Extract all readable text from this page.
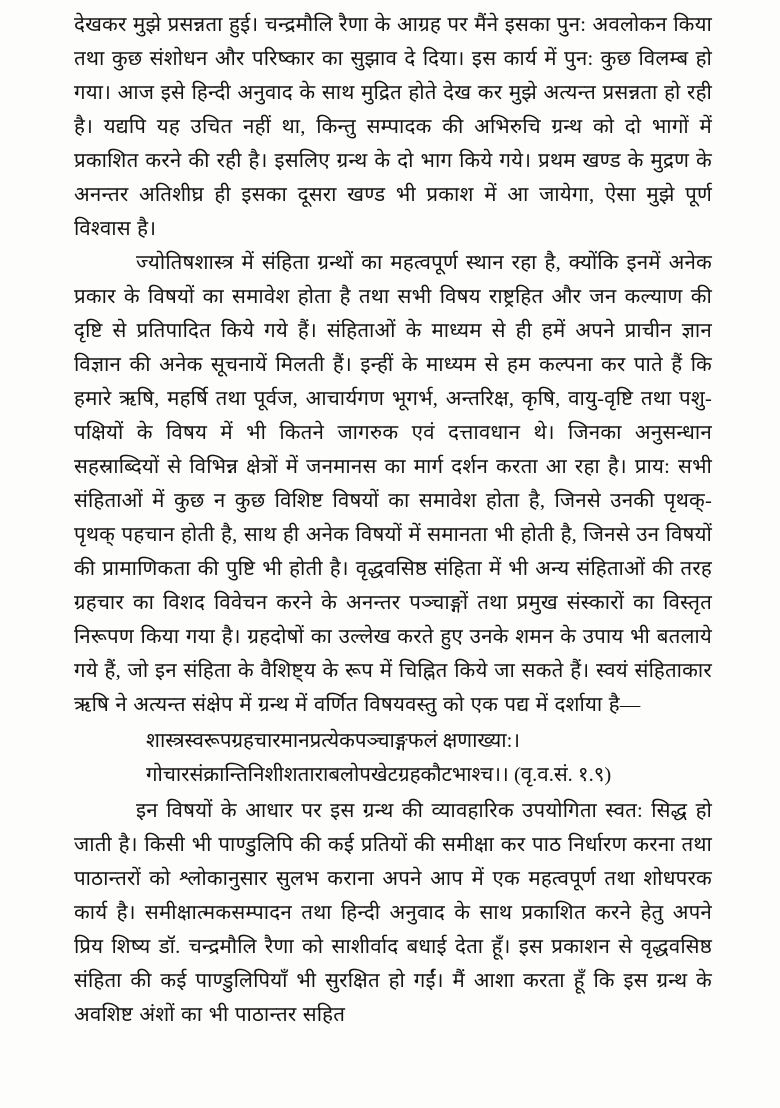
देखकर मुझे प्रसन्नता हुई। चन्द्रमौलि रैणा के आग्रह पर मैंने इसका पुन: अवलोकन किया तथा कुछ संशोधन और परिष्कार का सुझाव दे दिया। इस कार्य में पुन: कुछ विलम्ब हो गया। आज इसे हिन्दी अनुवाद के साथ मुद्रित होते देख कर मुझे अत्यन्त प्रसन्नता हो रही है। यद्यपि यह उचित नहीं था, किन्तु सम्पादक की अभिरुचि ग्रन्थ को दो भागों में प्रकाशित करने की रही है। इसलिए ग्रन्थ के दो भाग किये गये। प्रथम खण्ड के मुद्रण के अनन्तर अतिशीघ्र ही इसका दूसरा खण्ड भी प्रकाश में आ जायेगा, ऐसा मुझे पूर्ण विश्वास है।

ज्योतिषशास्त्र में संहिता ग्रन्थों का महत्वपूर्ण स्थान रहा है, क्योंकि इनमें अनेक प्रकार के विषयों का समावेश होता है तथा सभी विषय राष्ट्रहित और जन कल्याण की दृष्टि से प्रतिपादित किये गये हैं। संहिताओं के माध्यम से ही हमें अपने प्राचीन ज्ञान विज्ञान की अनेक सूचनायें मिलती हैं। इन्हीं के माध्यम से हम कल्पना कर पाते हैं कि हमारे ऋषि, महर्षि तथा पूर्वज, आचार्यगण भूगर्भ, अन्तरिक्ष, कृषि, वायु-वृष्टि तथा पशु-पक्षियों के विषय में भी कितने जागरुक एवं दत्तावधान थे। जिनका अनुसन्धान सहस्राब्दियों से विभिन्न क्षेत्रों में जनमानस का मार्ग दर्शन करता आ रहा है। प्राय: सभी संहिताओं में कुछ न कुछ विशिष्ट विषयों का समावेश होता है, जिनसे उनकी पृथक्-पृथक् पहचान होती है, साथ ही अनेक विषयों में समानता भी होती है, जिनसे उन विषयों की प्रामाणिकता की पुष्टि भी होती है। वृद्धवसिष्ठ संहिता में भी अन्य संहिताओं की तरह ग्रहचार का विशद विवेचन करने के अनन्तर पञ्चाङ्गों तथा प्रमुख संस्कारों का विस्तृत निरूपण किया गया है। ग्रहदोषों का उल्लेख करते हुए उनके शमन के उपाय भी बतलाये गये हैं, जो इन संहिता के वैशिष्ट्य के रूप में चिह्नित किये जा सकते हैं। स्वयं संहिताकार ऋषि ने अत्यन्त संक्षेप में ग्रन्थ में वर्णित विषयवस्तु को एक पद्य में दर्शाया है—

शास्त्रस्वरूपग्रहचारमानप्रत्येकपञ्चाङ्गफलं क्षणाख्या:।
गोचारसंक्रान्तिनिशीशताराबलोपखेटग्रहकौटभाश्च।। (वृ.व.सं. १.९)

इन विषयों के आधार पर इस ग्रन्थ की व्यावहारिक उपयोगिता स्वत: सिद्ध हो जाती है। किसी भी पाण्डुलिपि की कई प्रतियों की समीक्षा कर पाठ निर्धारण करना तथा पाठान्तरों को श्लोकानुसार सुलभ कराना अपने आप में एक महत्वपूर्ण तथा शोधपरक कार्य है। समीक्षात्मकसम्पादन तथा हिन्दी अनुवाद के साथ प्रकाशित करने हेतु अपने प्रिय शिष्य डॉ. चन्द्रमौलि रैणा को साशीर्वाद बधाई देता हूँ। इस प्रकाशन से वृद्धवसिष्ठ संहिता की कई पाण्डुलिपियाँ भी सुरक्षित हो गईं। मैं आशा करता हूँ कि इस ग्रन्थ के अवशिष्ट अंशों का भी पाठान्तर सहित
